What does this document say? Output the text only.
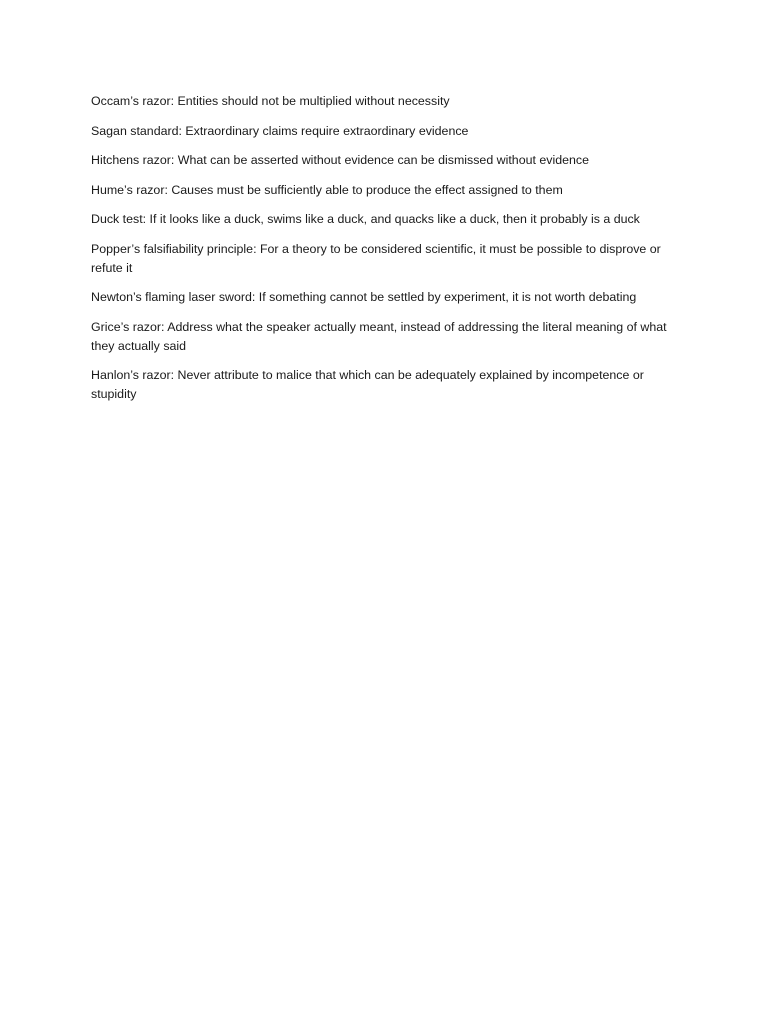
Occam’s razor: Entities should not be multiplied without necessity

Sagan standard: Extraordinary claims require extraordinary evidence

Hitchens razor: What can be asserted without evidence can be dismissed without evidence

Hume’s razor: Causes must be sufficiently able to produce the effect assigned to them

Duck test: If it looks like a duck, swims like a duck, and quacks like a duck, then it probably is a duck

Popper’s falsifiability principle: For a theory to be considered scientific, it must be possible to disprove or refute it

Newton’s flaming laser sword: If something cannot be settled by experiment, it is not worth debating

Grice’s razor: Address what the speaker actually meant, instead of addressing the literal meaning of what they actually said

Hanlon’s razor: Never attribute to malice that which can be adequately explained by incompetence or stupidity
